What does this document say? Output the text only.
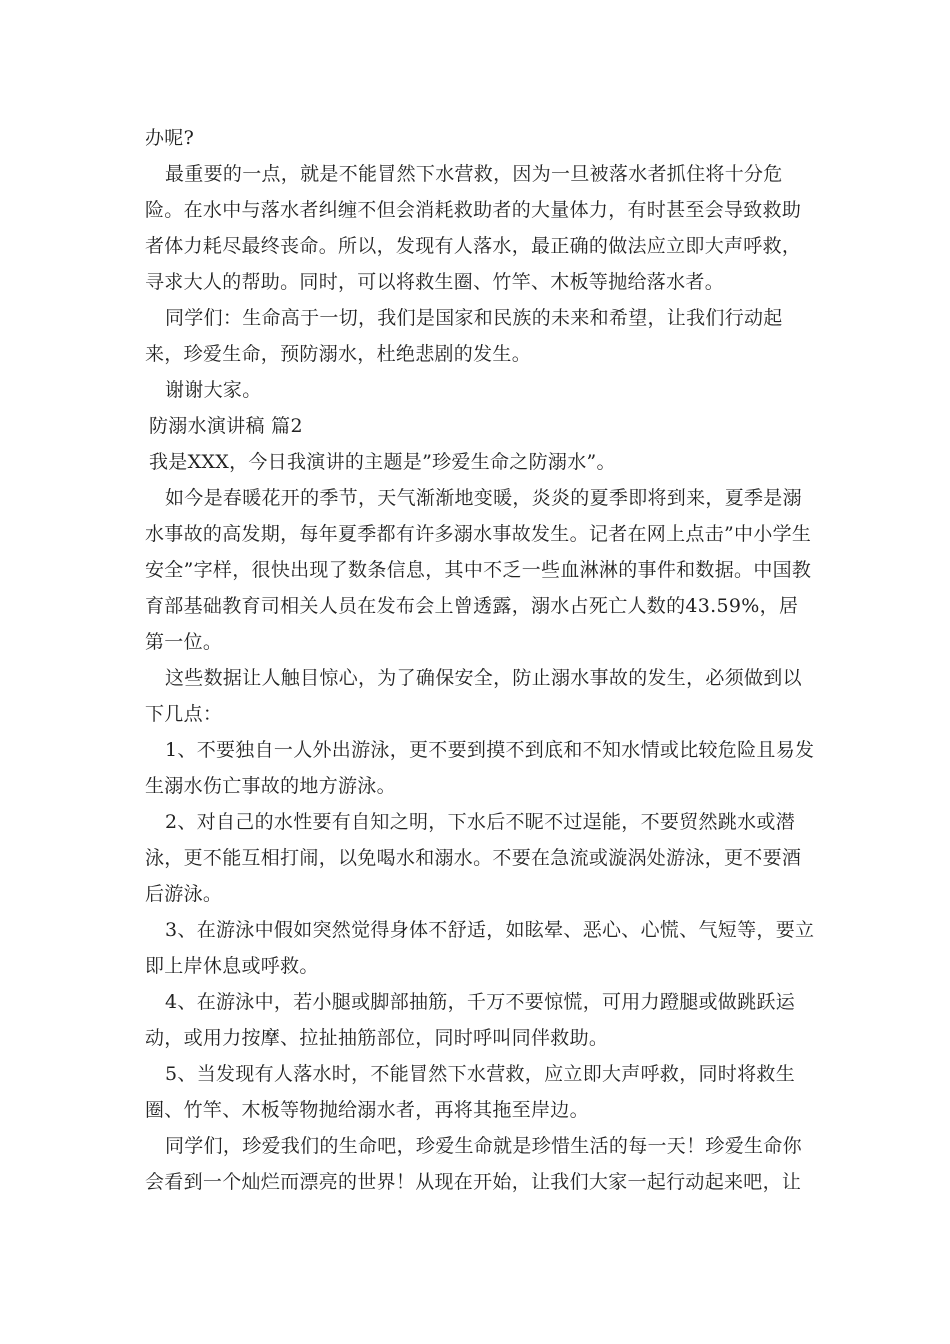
办呢?

最重要的一点，就是不能冒然下水营救，因为一旦被落水者抓住将十分危险。在水中与落水者纠缠不但会消耗救助者的大量体力，有时甚至会导致救助者体力耗尽最终丧命。所以，发现有人落水，最正确的做法应立即大声呼救，寻求大人的帮助。同时，可以将救生圈、竹竿、木板等抛给落水者。

同学们：生命高于一切，我们是国家和民族的未来和希望，让我们行动起来，珍爱生命，预防溺水，杜绝悲剧的发生。

谢谢大家。

防溺水演讲稿 篇2

我是XXX，今日我演讲的主题是”珍爱生命之防溺水”。

如今是春暖花开的季节，天气渐渐地变暖，炎炎的夏季即将到来，夏季是溺水事故的高发期，每年夏季都有许多溺水事故发生。记者在网上点击”中小学生安全”字样，很快出现了数条信息，其中不乏一些血淋淋的事件和数据。中国教育部基础教育司相关人员在发布会上曾透露，溺水占死亡人数的43.59%，居第一位。

这些数据让人触目惊心，为了确保安全，防止溺水事故的发生，必须做到以下几点：

1、不要独自一人外出游泳，更不要到摸不到底和不知水情或比较危险且易发生溺水伤亡事故的地方游泳。

2、对自己的水性要有自知之明，下水后不昵不过逞能，不要贸然跳水或潜泳，更不能互相打闹，以免喝水和溺水。不要在急流或漩涡处游泳，更不要酒后游泳。

3、在游泳中假如突然觉得身体不舒适，如眩晕、恶心、心慌、气短等，要立即上岸休息或呼救。

4、在游泳中，若小腿或脚部抽筋，千万不要惊慌，可用力蹬腿或做跳跃运动，或用力按摩、拉扯抽筋部位，同时呼叫同伴救助。

5、当发现有人落水时，不能冒然下水营救，应立即大声呼救，同时将救生圈、竹竿、木板等物抛给溺水者，再将其拖至岸边。

同学们，珍爱我们的生命吧，珍爱生命就是珍惜生活的每一天！珍爱生命你会看到一个灿烂而漂亮的世界！从现在开始，让我们大家一起行动起来吧，让
